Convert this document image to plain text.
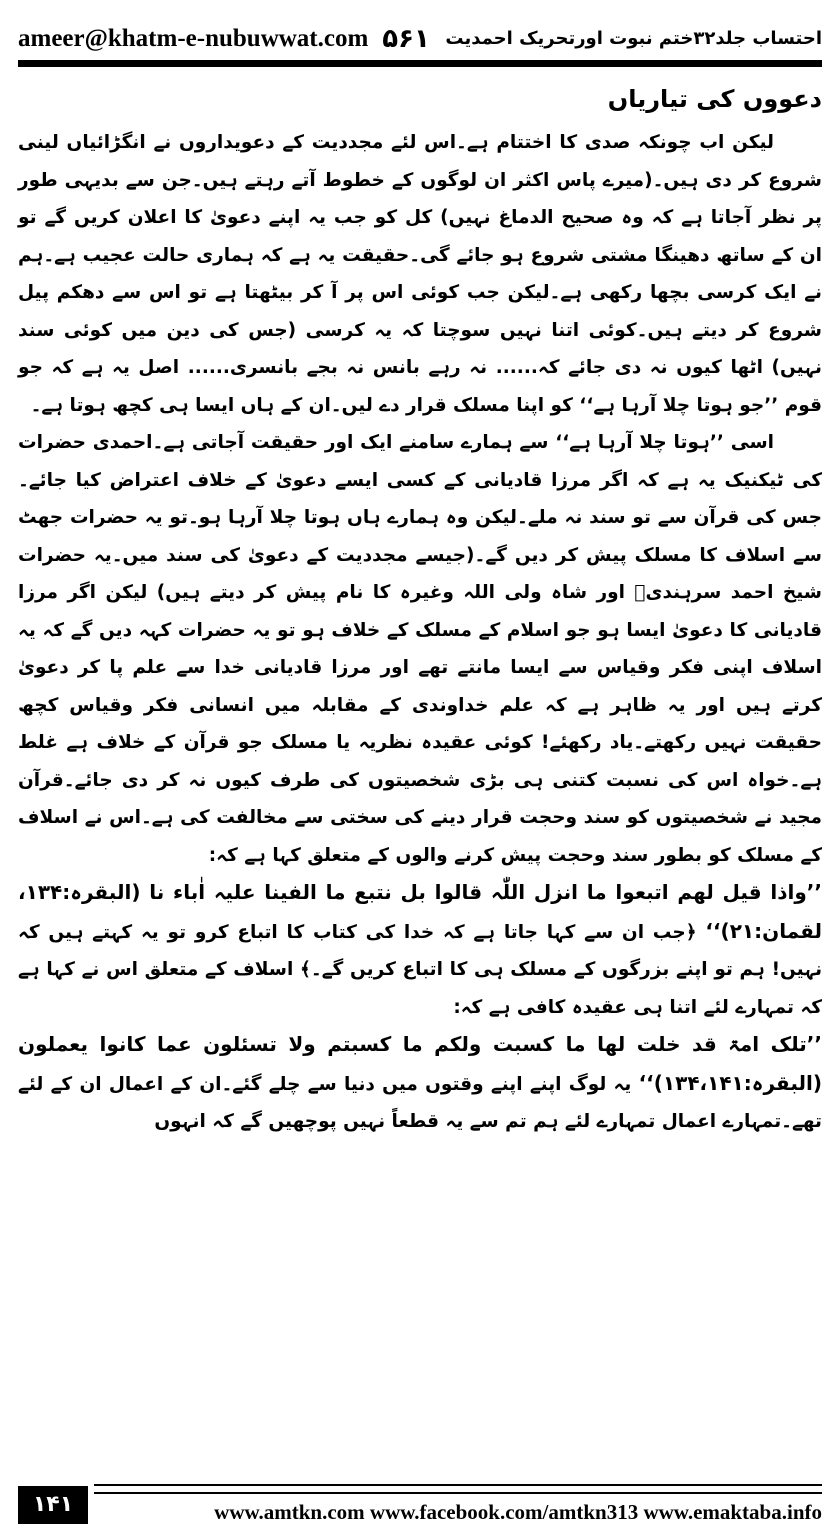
ameer@khatm-e-nubuwwat.com ۵۶۱ احتساب جلد۳۲ختم نبوت اورتحریک احمدیت

دعووں کی تیاریاں

لیکن اب چونکہ صدی کا اختتام ہے۔اس لئے مجددیت کے دعویداروں نے انگڑائیاں لینی شروع کر دی ہیں۔(میرے پاس اکثر ان لوگوں کے خطوط آتے رہتے ہیں۔جن سے بدیہی طور پر نظر آجاتا ہے کہ وہ صحیح الدماغ نہیں) کل کو جب یہ اپنے دعویٰ کا اعلان کریں گے تو ان کے ساتھ دھینگا مشتی شروع ہو جائے گی۔حقیقت یہ ہے کہ ہماری حالت عجیب ہے۔ہم نے ایک کرسی بچھا رکھی ہے۔لیکن جب کوئی اس پر آ کر بیٹھتا ہے تو اس سے دھکم پیل شروع کر دیتے ہیں۔کوئی اتنا نہیں سوچتا کہ یہ کرسی (جس کی دین میں کوئی سند نہیں) اٹھا کیوں نہ دی جائے کہ...... نہ رہے بانس نہ بجے بانسری...... اصل یہ ہے کہ جو قوم ’’جو ہوتا چلا آرہا ہے‘‘ کو اپنا مسلک قرار دے لیں۔ان کے ہاں ایسا ہی کچھ ہوتا ہے۔

اسی ’’ہوتا چلا آرہا ہے‘‘ سے ہمارے سامنے ایک اور حقیقت آجاتی ہے۔احمدی حضرات کی ٹیکنیک یہ ہے کہ اگر مرزا قادیانی کے کسی ایسے دعویٰ کے خلاف اعتراض کیا جائے۔جس کی قرآن سے تو سند نہ ملے۔لیکن وہ ہمارے ہاں ہوتا چلا آرہا ہو۔تو یہ حضرات جھٹ سے اسلاف کا مسلک پیش کر دیں گے۔(جیسے مجددیت کے دعویٰ کی سند میں۔یہ حضرات شیخ احمد سرہندیؒ اور شاہ ولی اللہ وغیرہ کا نام پیش کر دیتے ہیں) لیکن اگر مرزا قادیانی کا دعویٰ ایسا ہو جو اسلام کے مسلک کے خلاف ہو تو یہ حضرات کہہ دیں گے کہ یہ اسلاف اپنی فکر وقیاس سے ایسا مانتے تھے اور مرزا قادیانی خدا سے علم پا کر دعویٰ کرتے ہیں اور یہ ظاہر ہے کہ علم خداوندی کے مقابلہ میں انسانی فکر وقیاس کچھ حقیقت نہیں رکھتے۔یاد رکھئے! کوئی عقیدہ نظریہ یا مسلک جو قرآن کے خلاف ہے غلط ہے۔خواہ اس کی نسبت کتنی ہی بڑی شخصیتوں کی طرف کیوں نہ کر دی جائے۔قرآن مجید نے شخصیتوں کو سند وحجت قرار دینے کی سختی سے مخالفت کی ہے۔اس نے اسلاف کے مسلک کو بطور سند وحجت پیش کرنے والوں کے متعلق کہا ہے کہ:

’’واذا قیل لھم اتبعوا ما انزل اللّٰہ قالوا بل نتبع ما الفینا علیہ اٰباء نا (البقرہ:۱۳۴، لقمان:۲۱)‘‘ ﴿جب ان سے کہا جاتا ہے کہ خدا کی کتاب کا اتباع کرو تو یہ کہتے ہیں کہ نہیں! ہم تو اپنے بزرگوں کے مسلک ہی کا اتباع کریں گے۔﴾ اسلاف کے متعلق اس نے کہا ہے کہ تمہارے لئے اتنا ہی عقیدہ کافی ہے کہ:

’’تلک امۃ قد خلت لھا ما کسبت ولکم ما کسبتم ولا تسئلون عما کانوا یعملون (البقرہ:۱۳۴،۱۴۱)‘‘ یہ لوگ اپنے اپنے وقتوں میں دنیا سے چلے گئے۔ان کے اعمال ان کے لئے تھے۔تمہارے اعمال تمہارے لئے ہم تم سے یہ قطعاً نہیں پوچھیں گے کہ انہوں

۱۴۱	www.amtkn.com www.facebook.com/amtkn313 www.emaktaba.info
